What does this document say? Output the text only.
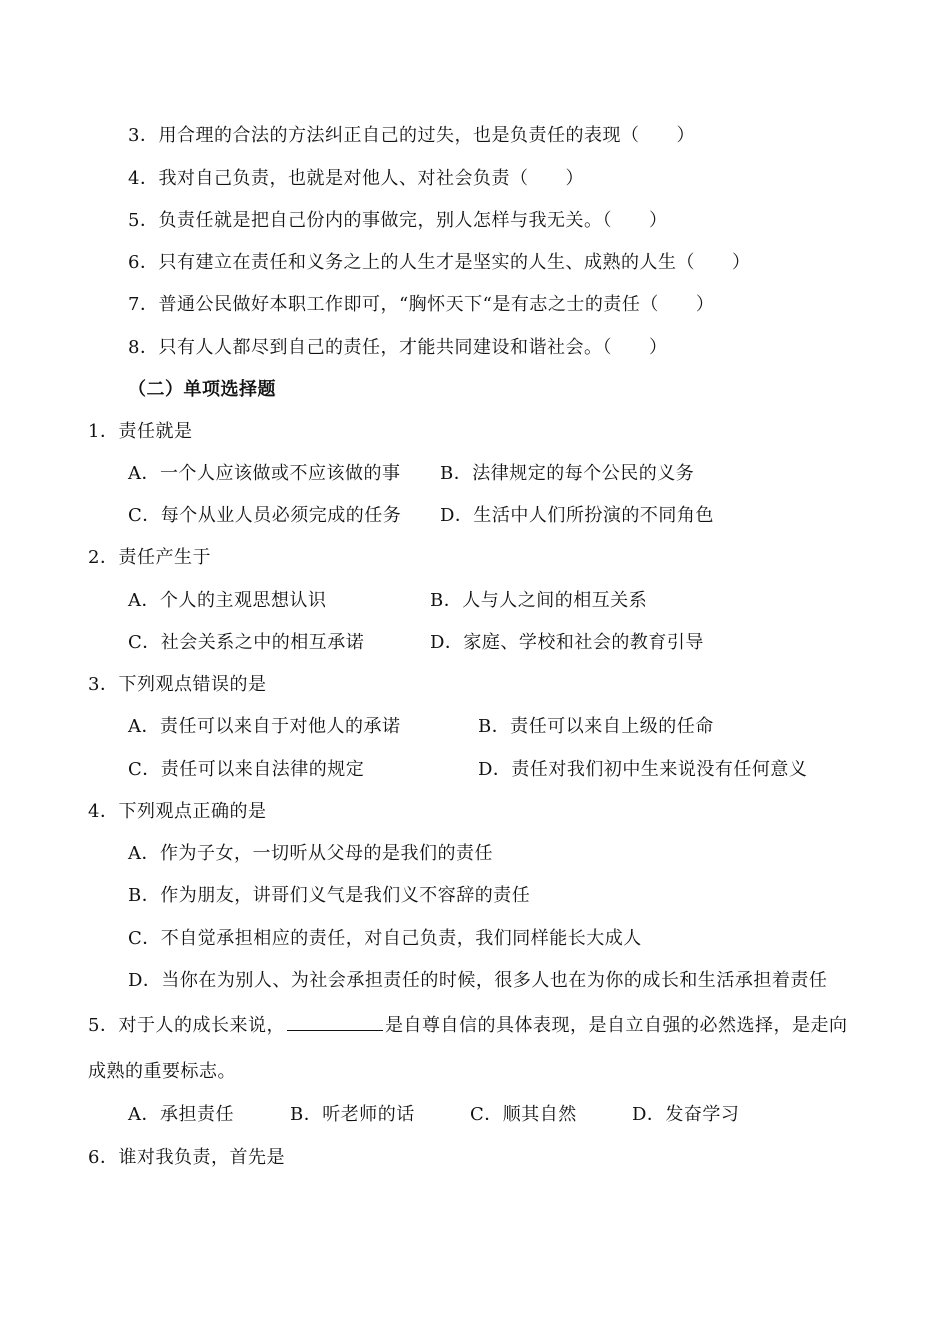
3．用合理的合法的方法纠正自己的过失，也是负责任的表现（　　）
4．我对自己负责，也就是对他人、对社会负责（　　）
5．负责任就是把自己份内的事做完，别人怎样与我无关。（　　）
6．只有建立在责任和义务之上的人生才是坚实的人生、成熟的人生（　　）
7．普通公民做好本职工作即可，“胸怀天下“是有志之士的责任（　　）
8．只有人人都尽到自己的责任，才能共同建设和谐社会。（　　）
（二）单项选择题
1．责任就是
A．一个人应该做或不应该做的事 B．法律规定的每个公民的义务
C．每个从业人员必须完成的任务 D．生活中人们所扮演的不同角色
2．责任产生于
A．个人的主观思想认识	B．人与人之间的相互关系
C．社会关系之中的相互承诺	D．家庭、学校和社会的教育引导
3．下列观点错误的是
A．责任可以来自于对他人的承诺	B．责任可以来自上级的任命
C．责任可以来自法律的规定	D．责任对我们初中生来说没有任何意义
4．下列观点正确的是
A．作为子女，一切听从父母的是我们的责任
B．作为朋友，讲哥们义气是我们义不容辞的责任
C．不自觉承担相应的责任，对自己负责，我们同样能长大成人
D．当你在为别人、为社会承担责任的时候，很多人也在为你的成长和生活承担着责任
5．对于人的成长来说，	是自尊自信的具体表现，是自立自强的必然选择，是走向
成熟的重要标志。
A．承担责任	B．听老师的话	C．顺其自然	D．发奋学习
6．谁对我负责，首先是
